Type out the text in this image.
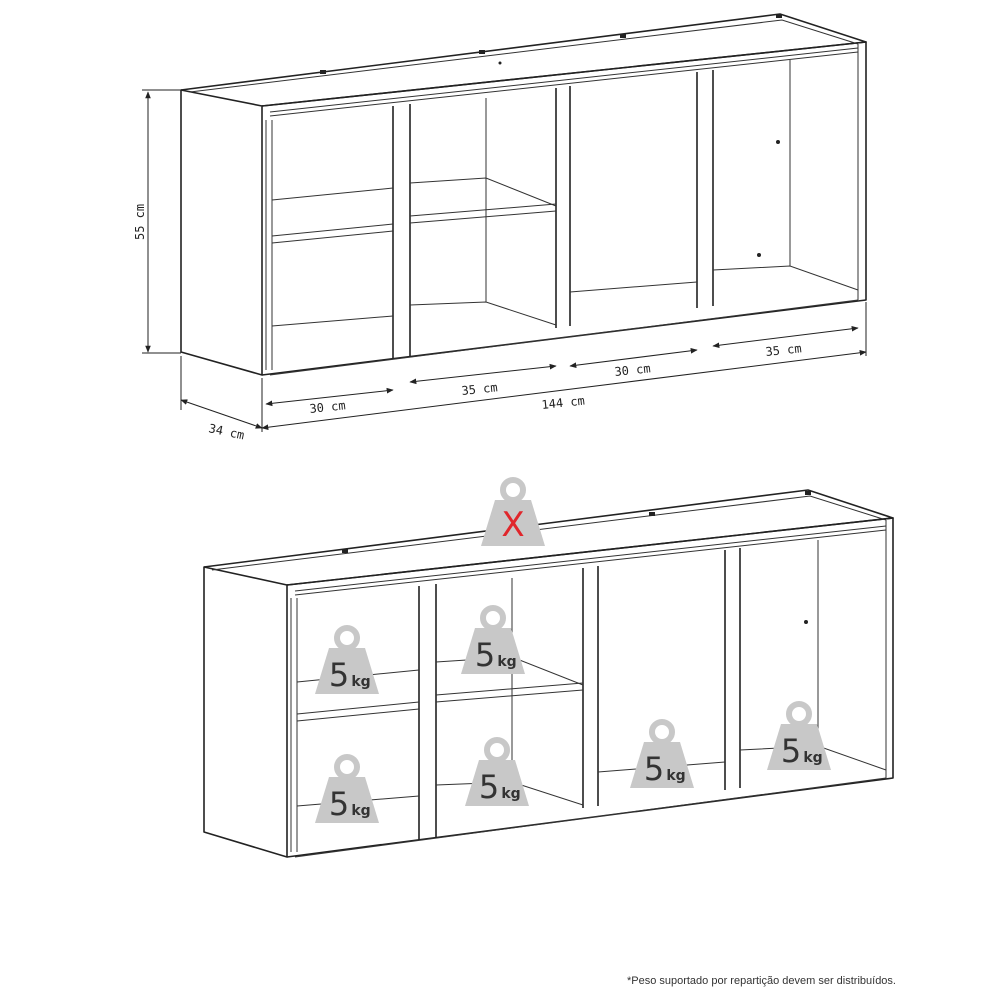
55 cm
34 cm
30 cm
35 cm
30 cm
35 cm
144 cm
X
5 kg
5 kg
5 kg
5 kg
5 kg
5 kg
*Peso suportado por repartição devem ser distribuídos.
